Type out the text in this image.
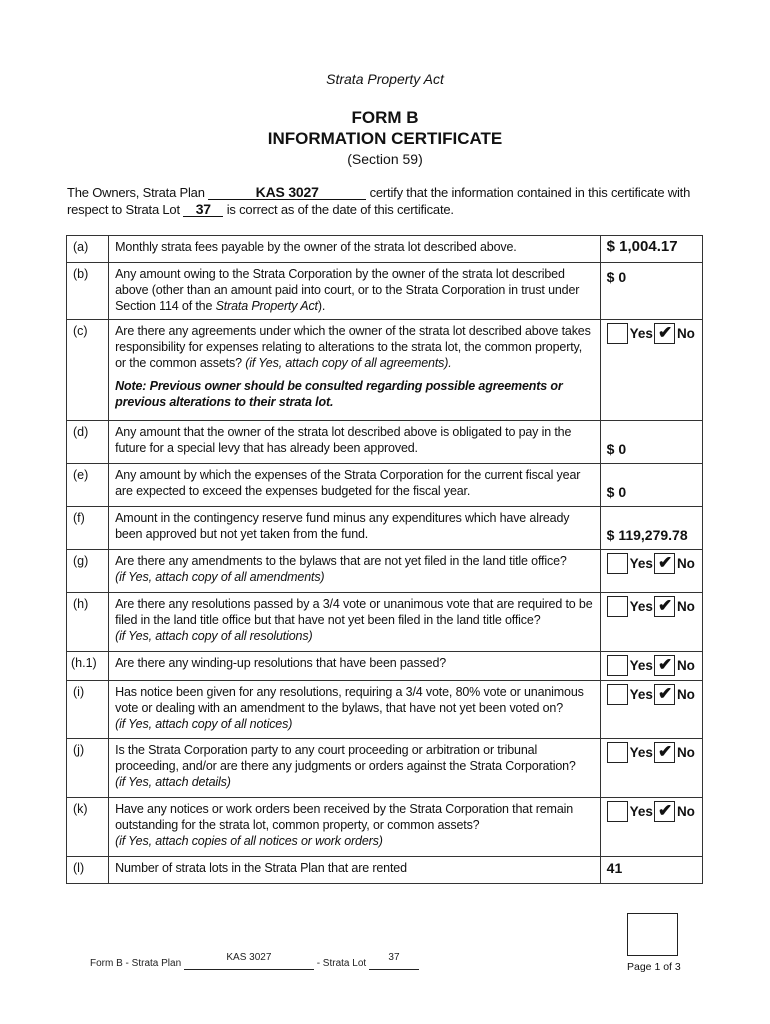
Strata Property Act
FORM B
INFORMATION CERTIFICATE
(Section 59)
The Owners, Strata Plan	KAS 3027	certify that the information contained in this certificate with
respect to Strata Lot 37 is correct as of the date of this certificate.
(a)	Monthly strata fees payable by the owner of the strata lot described above.	$ 1,004.17
(b)	Any amount owing to the Strata Corporation by the owner of the strata lot described above (other than an amount paid into court, or to the Strata Corporation in trust under Section 114 of the Strata Property Act).	$ 0
(c)	Are there any agreements under which the owner of the strata lot described above takes responsibility for expenses relating to alterations to the strata lot, the common property, or the common assets? (if Yes, attach copy of all agreements).
Note: Previous owner should be consulted regarding possible agreements or previous alterations to their strata lot.	Yes ✔ No

(d)	Any amount that the owner of the strata lot described above is obligated to pay in the future for a special levy that has already been approved.	$ 0
(e)	Any amount by which the expenses of the Strata Corporation for the current fiscal year are expected to exceed the expenses budgeted for the fiscal year.	$ 0
(f)	Amount in the contingency reserve fund minus any expenditures which have already been approved but not yet taken from the fund.	$ 119,279.78
(g)	Are there any amendments to the bylaws that are not yet filed in the land title office?
(if Yes, attach copy of all amendments)	Yes ✔ No

(h)	Are there any resolutions passed by a 3/4 vote or unanimous vote that are required to be filed in the land title office but that have not yet been filed in the land title office?
(if Yes, attach copy of all resolutions)	Yes ✔ No

(h.1)	Are there any winding-up resolutions that have been passed?	Yes ✔ No

(i)	Has notice been given for any resolutions, requiring a 3/4 vote, 80% vote or unanimous vote or dealing with an amendment to the bylaws, that have not yet been voted on?
(if Yes, attach copy of all notices)	Yes ✔ No

(j)	Is the Strata Corporation party to any court proceeding or arbitration or tribunal proceeding, and/or are there any judgments or orders against the Strata Corporation?
(if Yes, attach details)	Yes ✔ No

(k)	Have any notices or work orders been received by the Strata Corporation that remain outstanding for the strata lot, common property, or common assets?
(if Yes, attach copies of all notices or work orders)	Yes ✔ No

(l)	Number of strata lots in the Strata Plan that are rented	41
Form B - Strata Plan
KAS 3027
- Strata Lot
37

Page 1 of 3
